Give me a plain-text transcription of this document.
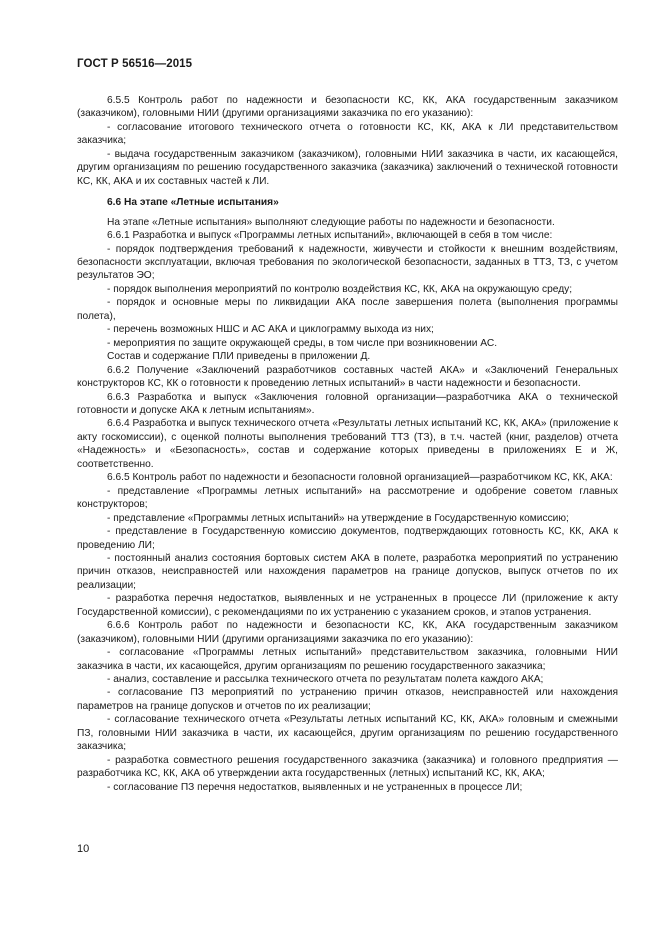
ГОСТ Р 56516—2015

6.5.5 Контроль работ по надежности и безопасности КС, КК, АКА государственным заказчиком (заказчиком), головными НИИ (другими организациями заказчика по его указанию):

- согласование итогового технического отчета о готовности КС, КК, АКА к ЛИ представительством заказчика;

- выдача государственным заказчиком (заказчиком), головными НИИ заказчика в части, их касающейся, другим организациям по решению государственного заказчика (заказчика) заключений о технической готовности КС, КК, АКА и их составных частей к ЛИ.

6.6 На этапе «Летные испытания»

На этапе «Летные испытания» выполняют следующие работы по надежности и безопасности.

6.6.1 Разработка и выпуск «Программы летных испытаний», включающей в себя в том числе:

- порядок подтверждения требований к надежности, живучести и стойкости к внешним воздействиям, безопасности эксплуатации, включая требования по экологической безопасности, заданных в ТТЗ, ТЗ, с учетом результатов ЭО;

- порядок выполнения мероприятий по контролю воздействия КС, КК, АКА на окружающую среду;

- порядок и основные меры по ликвидации АКА после завершения полета (выполнения программы полета),

- перечень возможных НШС и АС АКА и циклограмму выхода из них;

- мероприятия по защите окружающей среды, в том числе при возникновении АС.

Состав и содержание ПЛИ приведены в приложении Д.

6.6.2 Получение «Заключений разработчиков составных частей АКА» и «Заключений Генеральных конструкторов КС, КК о готовности к проведению летных испытаний» в части надежности и безопасности.

6.6.3 Разработка и выпуск «Заключения головной организации—разработчика АКА о технической готовности и допуске АКА к летным испытаниям».

6.6.4 Разработка и выпуск технического отчета «Результаты летных испытаний КС, КК, АКА» (приложение к акту госкомиссии), с оценкой полноты выполнения требований ТТЗ (ТЗ), в т.ч. частей (книг, разделов) отчета «Надежность» и «Безопасность», состав и содержание которых приведены в приложениях Е и Ж, соответственно.

6.6.5 Контроль работ по надежности и безопасности головной организацией—разработчиком КС, КК, АКА:

- представление «Программы летных испытаний» на рассмотрение и одобрение советом главных конструкторов;

- представление «Программы летных испытаний» на утверждение в Государственную комиссию;

- представление в Государственную комиссию документов, подтверждающих готовность КС, КК, АКА к проведению ЛИ;

- постоянный анализ состояния бортовых систем АКА в полете, разработка мероприятий по устранению причин отказов, неисправностей или нахождения параметров на границе допусков, выпуск отчетов по их реализации;

- разработка перечня недостатков, выявленных и не устраненных в процессе ЛИ (приложение к акту Государственной комиссии), с рекомендациями по их устранению с указанием сроков, и этапов устранения.

6.6.6 Контроль работ по надежности и безопасности КС, КК, АКА государственным заказчиком (заказчиком), головными НИИ (другими организациями заказчика по его указанию):

- согласование «Программы летных испытаний» представительством заказчика, головными НИИ заказчика в части, их касающейся, другим организациям по решению государственного заказчика;

- анализ, составление и рассылка технического отчета по результатам полета каждого АКА;

- согласование ПЗ мероприятий по устранению причин отказов, неисправностей или нахождения параметров на границе допусков и отчетов по их реализации;

- согласование технического отчета «Результаты летных испытаний КС, КК, АКА» головным и смежными ПЗ, головными НИИ заказчика в части, их касающейся, другим организациям по решению государственного заказчика;

- разработка совместного решения государственного заказчика (заказчика) и головного предприятия — разработчика КС, КК, АКА об утверждении акта государственных (летных) испытаний КС, КК, АКА;

- согласование ПЗ перечня недостатков, выявленных и не устраненных в процессе ЛИ;

10
